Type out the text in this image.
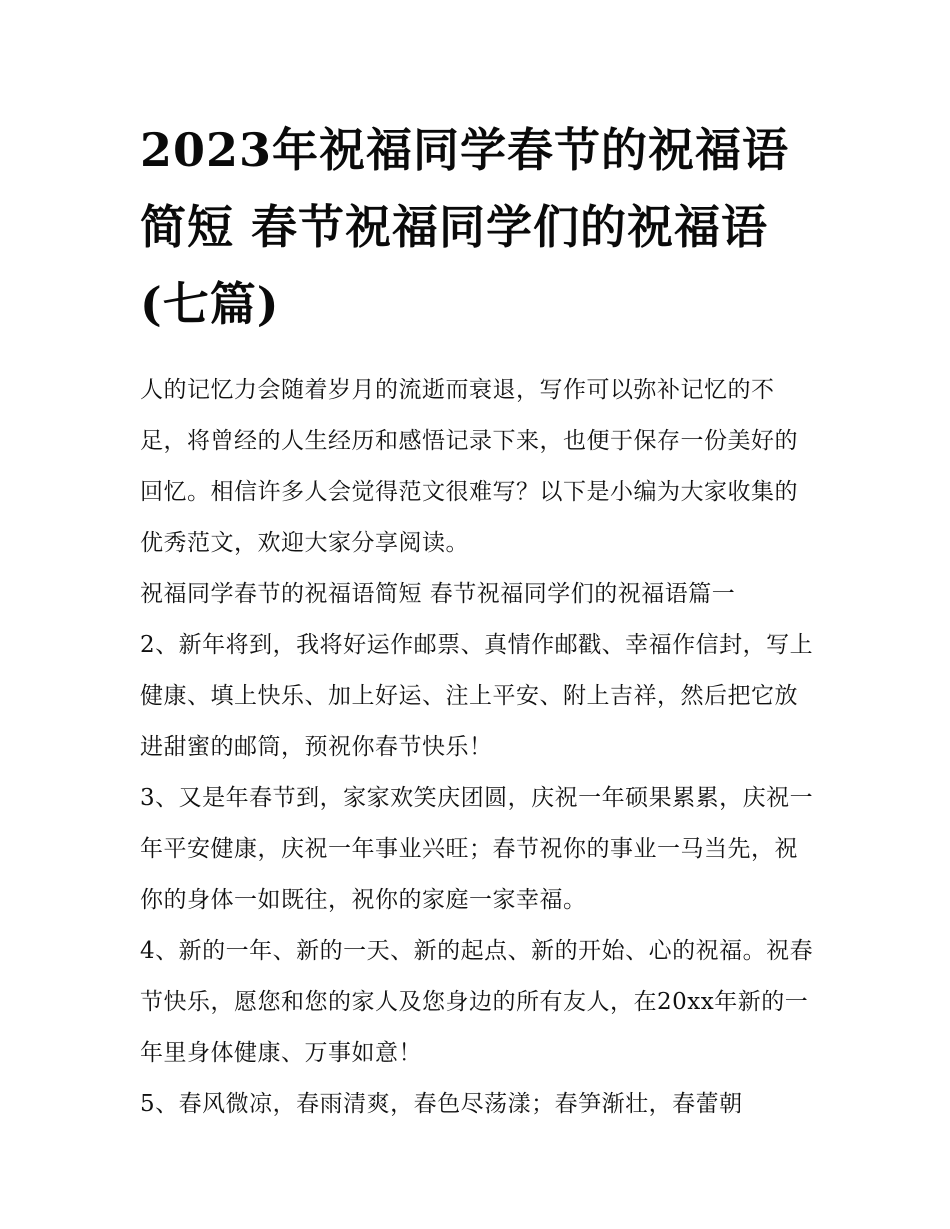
2023年祝福同学春节的祝福语简短 春节祝福同学们的祝福语(七篇)

人的记忆力会随着岁月的流逝而衰退，写作可以弥补记忆的不足，将曾经的人生经历和感悟记录下来，也便于保存一份美好的回忆。相信许多人会觉得范文很难写？以下是小编为大家收集的优秀范文，欢迎大家分享阅读。

祝福同学春节的祝福语简短 春节祝福同学们的祝福语篇一

2、新年将到，我将好运作邮票、真情作邮戳、幸福作信封，写上健康、填上快乐、加上好运、注上平安、附上吉祥，然后把它放进甜蜜的邮筒，预祝你春节快乐！

3、又是年春节到，家家欢笑庆团圆，庆祝一年硕果累累，庆祝一年平安健康，庆祝一年事业兴旺；春节祝你的事业一马当先，祝你的身体一如既往，祝你的家庭一家幸福。

4、新的一年、新的一天、新的起点、新的开始、心的祝福。祝春节快乐，愿您和您的家人及您身边的所有友人，在20xx年新的一年里身体健康、万事如意！

5、春风微凉，春雨清爽，春色尽荡漾；春笋渐壮，春蕾朝
